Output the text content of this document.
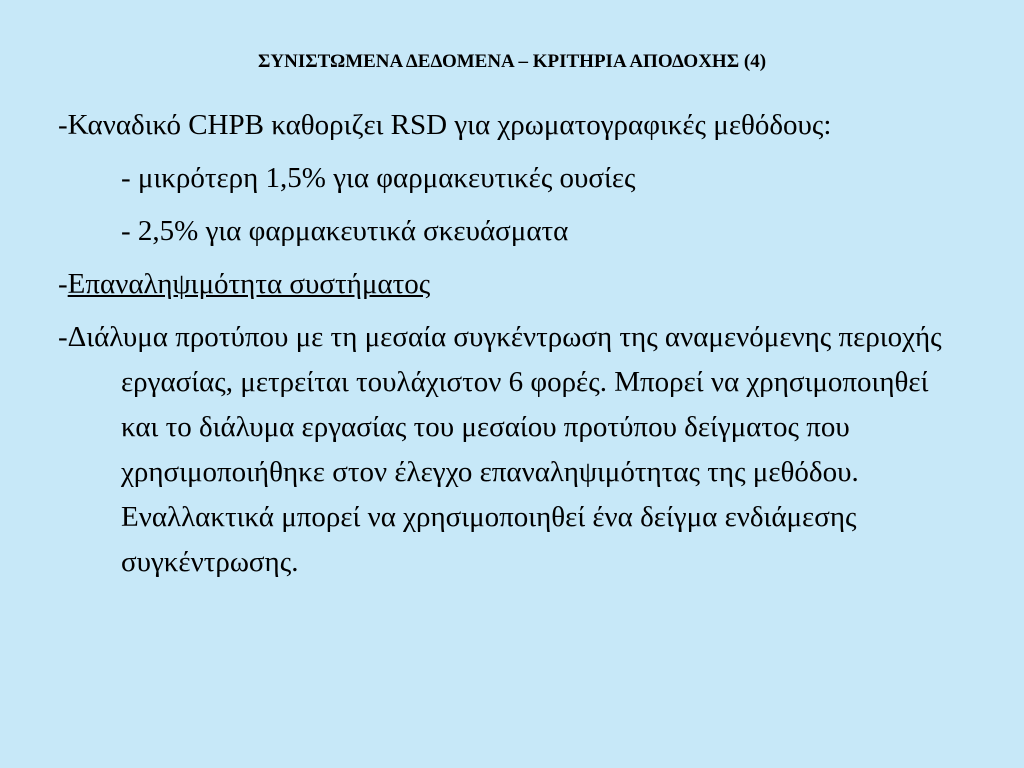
ΣΥΝΙΣΤΩΜΕΝΑ ΔΕΔΟΜΕΝΑ – ΚΡΙΤΗΡΙΑ ΑΠΟΔΟΧΗΣ (4)

-Καναδικό CHPB καθοριζει RSD για χρωματογραφικές μεθόδους:

- μικρότερη 1,5% για φαρμακευτικές ουσίες

- 2,5% για φαρμακευτικά σκευάσματα

-Επαναληψιμότητα συστήματος

-Διάλυμα προτύπου με τη μεσαία συγκέντρωση της αναμενόμενης περιοχής εργασίας, μετρείται τουλάχιστον 6 φορές. Μπορεί να χρησιμοποιηθεί και το διάλυμα εργασίας του μεσαίου προτύπου δείγματος που χρησιμοποιήθηκε στον έλεγχο επαναληψιμότητας της μεθόδου. Εναλλακτικά μπορεί να χρησιμοποιηθεί ένα δείγμα ενδιάμεσης συγκέντρωσης.
